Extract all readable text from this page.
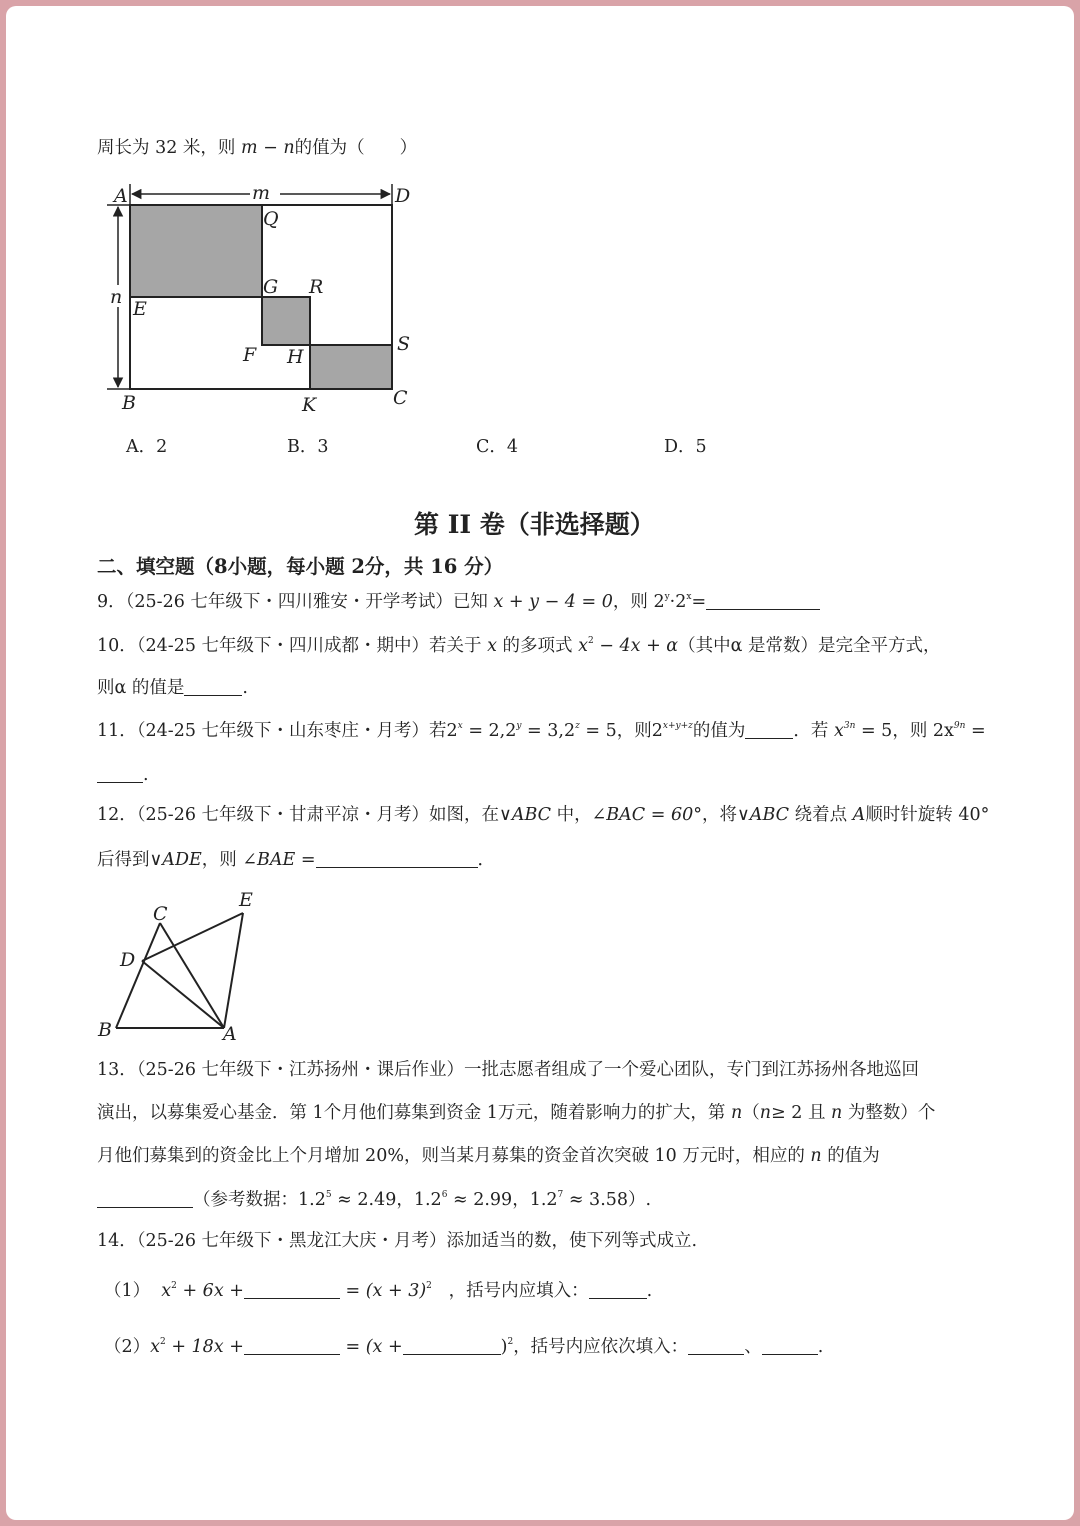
周长为 32 米，则 m − n的值为（　　）
A	D
m
Q
n
E
G R
F H
S
B	K	C
A．2	B．3	C．4	D．5
第 II 卷（非选择题）
二、填空题（8小题，每小题 2分，共 16 分）
9．（25-26 七年级下・四川雅安・开学考试）已知 x + y − 4 = 0，则 $2^y\cdot 2^x=$
10．（24-25 七年级下・四川成都・期中）若关于 x 的多项式 $x^2 - 4x + \alpha$（其中α 是常数）是完全平方式，
则α 的值是	.
11．（24-25 七年级下・山东枣庄・月考）若$2^x = 2,2^y = 3,2^z = 5$，则$2^{x+y+z}$的值为	．若 $x^{3n} = 5$，则 $2x^{9n}$ =
.
12．（25-26 七年级下・甘肃平凉・月考）如图，在∨ABC 中，∠BAC = 60°，将∨ABC 绕着点 A顺时针旋转 40°
后得到∨ADE，则 ∠BAE =	．
C
E
D
B	A
13．（25-26 七年级下・江苏扬州・课后作业）一批志愿者组成了一个爱心团队，专门到江苏扬州各地巡回
演出，以募集爱心基金．第 1个月他们募集到资金 1万元，随着影响力的扩大，第 n（n≥ 2 且 n 为整数）个
月他们募集到的资金比上个月增加 20%，则当某月募集的资金首次突破 10 万元时，相应的 n 的值为
（参考数据：$1.2^5 \approx 2.49$，$1.2^6 \approx 2.99$，$1.2^7 \approx 3.58$）.
14．（25-26 七年级下・黑龙江大庆・月考）添加适当的数，使下列等式成立.
（1） $x^2 + 6x$ +	= $(x + 3)^2$ ，括号内应填入：	.
$(2)x^2 + 18x$ +	= (x +	)$^2$，括号内应依次填入：	、	.
